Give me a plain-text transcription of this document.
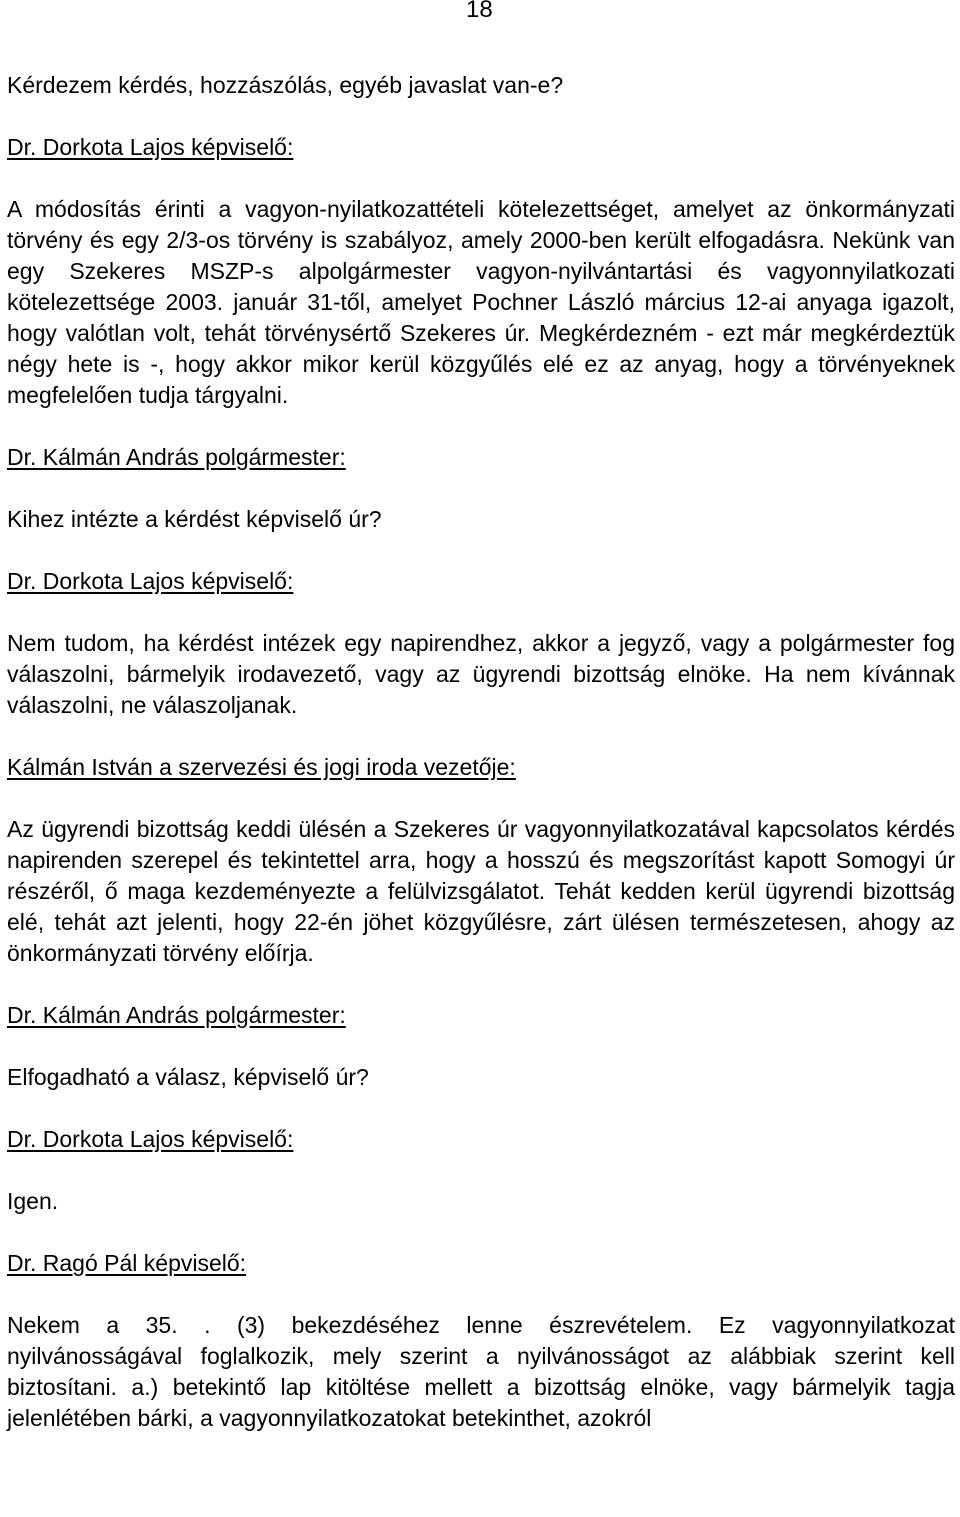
18

Kérdezem kérdés, hozzászólás, egyéb javaslat van-e?

Dr. Dorkota Lajos képviselő:

A módosítás érinti a vagyon-nyilatkozattételi kötelezettséget, amelyet az önkormányzati törvény és egy 2/3-os törvény is szabályoz, amely 2000-ben került elfogadásra. Nekünk van egy Szekeres MSZP-s alpolgármester vagyon-nyilvántartási és vagyonnyilatkozati kötelezettsége 2003. január 31-től, amelyet Pochner László március 12-ai anyaga igazolt, hogy valótlan volt, tehát törvénysértő Szekeres úr. Megkérdezném - ezt már megkérdeztük négy hete is -, hogy akkor mikor kerül közgyűlés elé ez az anyag, hogy a törvényeknek megfelelően tudja tárgyalni.

Dr. Kálmán András polgármester:

Kihez intézte a kérdést képviselő úr?

Dr. Dorkota Lajos képviselő:

Nem tudom, ha kérdést intézek egy napirendhez, akkor a jegyző, vagy a polgármester fog válaszolni, bármelyik irodavezető, vagy az ügyrendi bizottság elnöke. Ha nem kívánnak válaszolni, ne válaszoljanak.

Kálmán István a szervezési és jogi iroda vezetője:

Az ügyrendi bizottság keddi ülésén a Szekeres úr vagyonnyilatkozatával kapcsolatos kérdés napirenden szerepel és tekintettel arra, hogy a hosszú és megszorítást kapott Somogyi úr részéről, ő maga kezdeményezte a felülvizsgálatot. Tehát kedden kerül ügyrendi bizottság elé, tehát azt jelenti, hogy 22-én jöhet közgyűlésre, zárt ülésen természetesen, ahogy az önkormányzati törvény előírja.

Dr. Kálmán András polgármester:

Elfogadható a válasz, képviselő úr?

Dr. Dorkota Lajos képviselő:

Igen.

Dr. Ragó Pál képviselő:

Nekem a 35. . (3) bekezdéséhez lenne észrevételem. Ez vagyonnyilatkozat nyilvánosságával foglalkozik, mely szerint a nyilvánosságot az alábbiak szerint kell biztosítani. a.) betekintő lap kitöltése mellett a bizottság elnöke, vagy bármelyik tagja jelenlétében bárki, a vagyonnyilatkozatokat betekinthet, azokról
